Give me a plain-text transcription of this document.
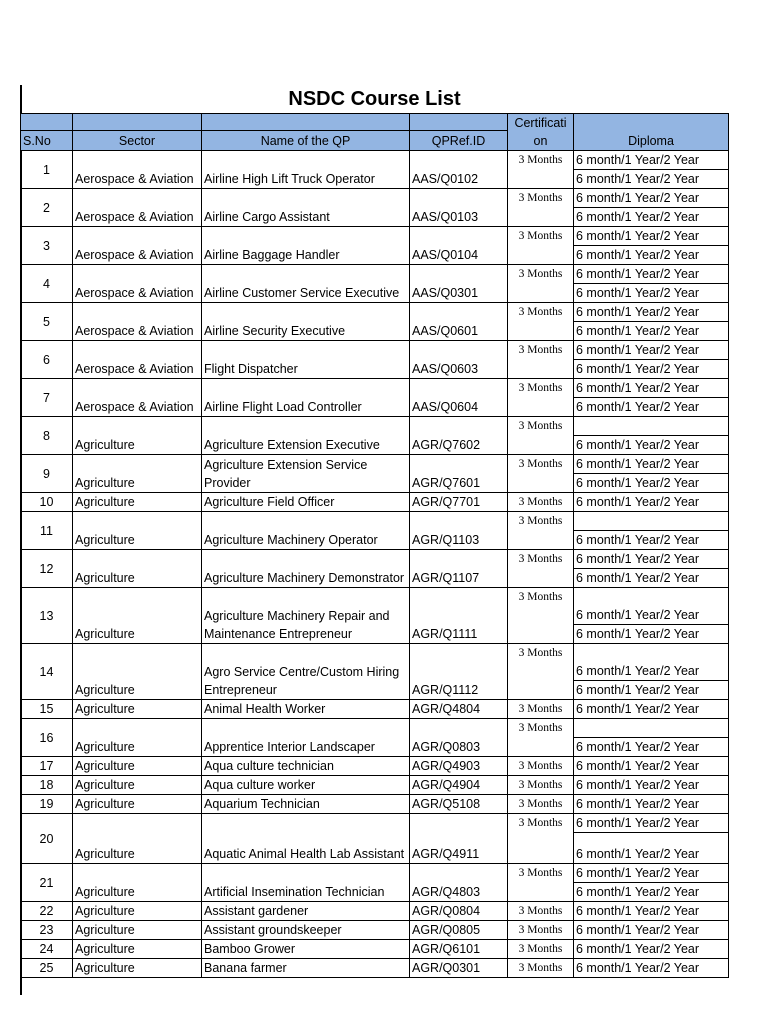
NSDC Course List
				Certificati on	
S.No	Sector	Name of the QP	QPRef.ID		Diploma
1	Aerospace & Aviation	Airline High Lift Truck Operator	AAS/Q0102	3 Months	6 month/1 Year/2 Year
					6 month/1 Year/2 Year
2	Aerospace & Aviation	Airline Cargo Assistant	AAS/Q0103	3 Months	6 month/1 Year/2 Year
					6 month/1 Year/2 Year
3	Aerospace & Aviation	Airline Baggage Handler	AAS/Q0104	3 Months	6 month/1 Year/2 Year
					6 month/1 Year/2 Year
4	Aerospace & Aviation	Airline Customer Service Executive	AAS/Q0301	3 Months	6 month/1 Year/2 Year
					6 month/1 Year/2 Year
5	Aerospace & Aviation	Airline Security Executive	AAS/Q0601	3 Months	6 month/1 Year/2 Year
					6 month/1 Year/2 Year
6	Aerospace & Aviation	Flight Dispatcher	AAS/Q0603	3 Months	6 month/1 Year/2 Year
					6 month/1 Year/2 Year
7	Aerospace & Aviation	Airline Flight Load Controller	AAS/Q0604	3 Months	6 month/1 Year/2 Year
					6 month/1 Year/2 Year
8	Agriculture	Agriculture Extension Executive	AGR/Q7602	3 Months	
					6 month/1 Year/2 Year
9	Agriculture	Agriculture Extension Service Provider	AGR/Q7601	3 Months	6 month/1 Year/2 Year
					6 month/1 Year/2 Year
10	Agriculture	Agriculture Field Officer	AGR/Q7701	3 Months	6 month/1 Year/2 Year
11	Agriculture	Agriculture Machinery Operator	AGR/Q1103	3 Months	
					6 month/1 Year/2 Year
12	Agriculture	Agriculture Machinery Demonstrator	AGR/Q1107	3 Months	6 month/1 Year/2 Year
					6 month/1 Year/2 Year
13	Agriculture	Agriculture Machinery Repair and Maintenance Entrepreneur	AGR/Q1111	3 Months	6 month/1 Year/2 Year
					6 month/1 Year/2 Year
14	Agriculture	Agro Service Centre/Custom Hiring Entrepreneur	AGR/Q1112	3 Months	6 month/1 Year/2 Year
					6 month/1 Year/2 Year
15	Agriculture	Animal Health Worker	AGR/Q4804	3 Months	6 month/1 Year/2 Year
16	Agriculture	Apprentice Interior Landscaper	AGR/Q0803	3 Months	
					6 month/1 Year/2 Year
17	Agriculture	Aqua culture technician	AGR/Q4903	3 Months	6 month/1 Year/2 Year
18	Agriculture	Aqua culture worker	AGR/Q4904	3 Months	6 month/1 Year/2 Year
19	Agriculture	Aquarium Technician	AGR/Q5108	3 Months	6 month/1 Year/2 Year
20	Agriculture	Aquatic Animal Health Lab Assistant	AGR/Q4911	3 Months	6 month/1 Year/2 Year
					6 month/1 Year/2 Year
21	Agriculture	Artificial Insemination Technician	AGR/Q4803	3 Months	6 month/1 Year/2 Year
					6 month/1 Year/2 Year
22	Agriculture	Assistant gardener	AGR/Q0804	3 Months	6 month/1 Year/2 Year
23	Agriculture	Assistant groundskeeper	AGR/Q0805	3 Months	6 month/1 Year/2 Year
24	Agriculture	Bamboo Grower	AGR/Q6101	3 Months	6 month/1 Year/2 Year
25	Agriculture	Banana farmer	AGR/Q0301	3 Months	6 month/1 Year/2 Year
